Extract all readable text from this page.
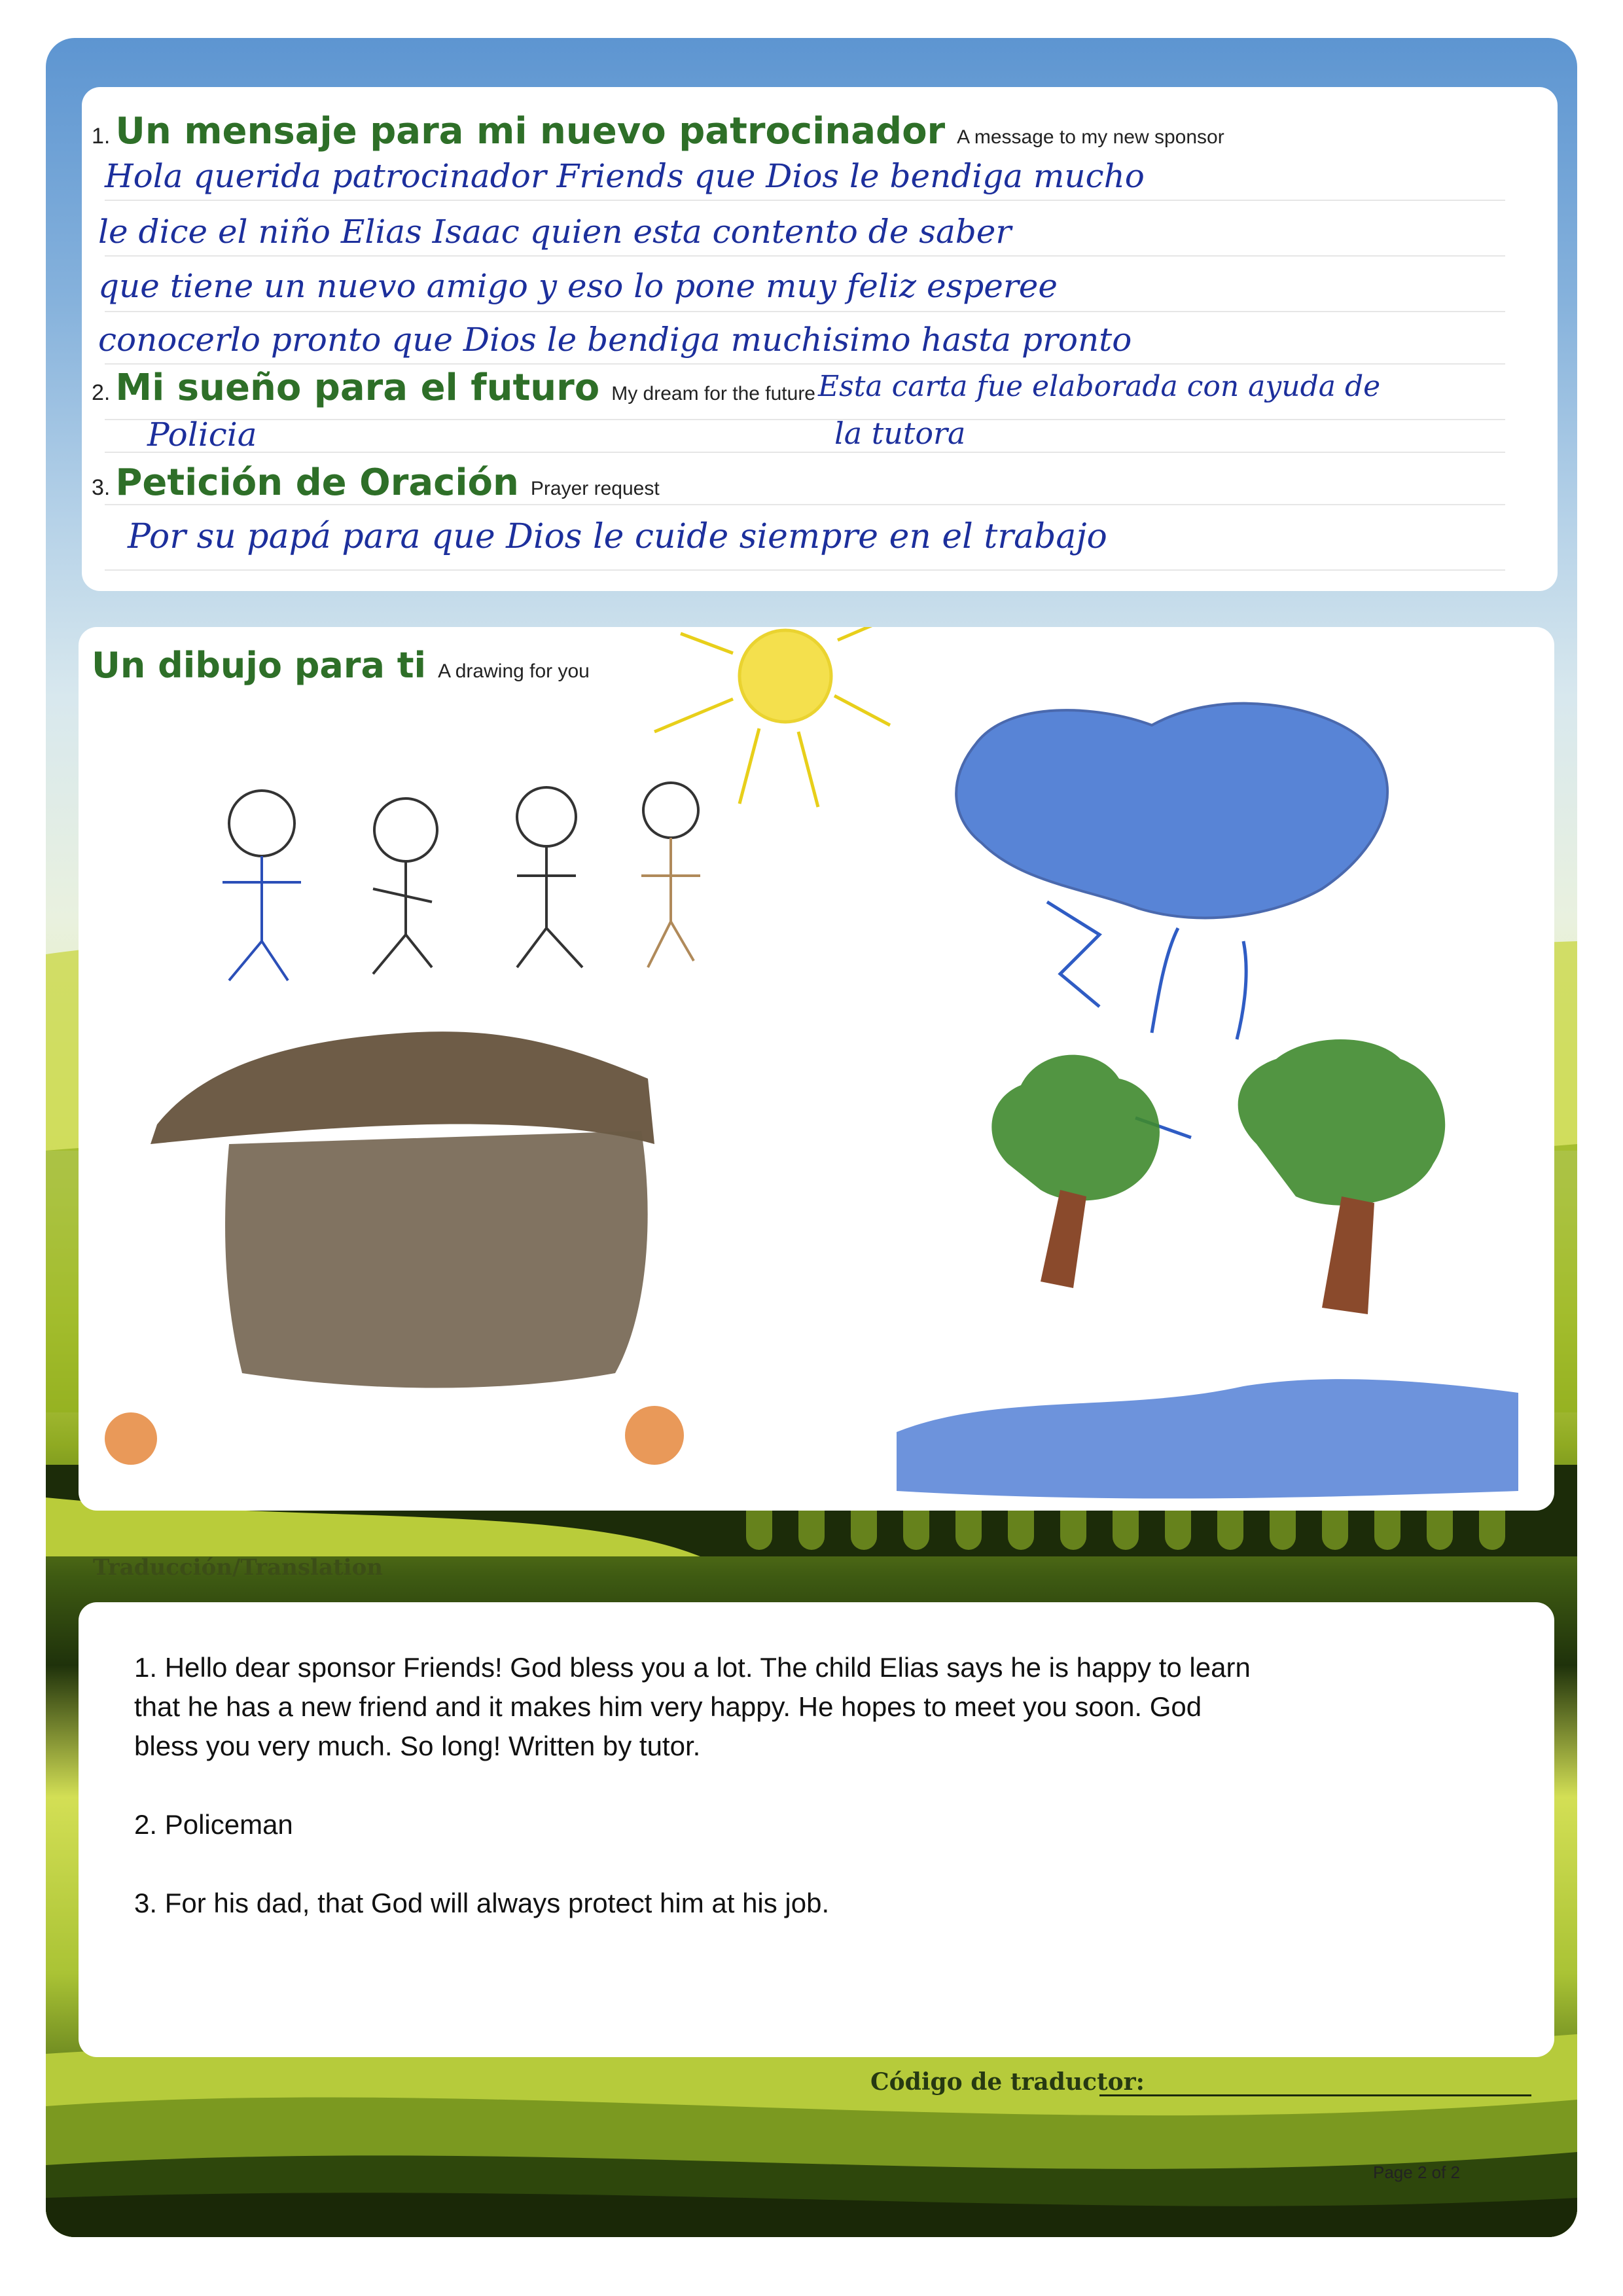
1. Un mensaje para mi nuevo patrocinador A message to my new sponsor
Hola querida patrocinador Friends que Dios le bendiga mucho
le dice el niño Elias Isaac quien esta contento de saber
que tiene un nuevo amigo y eso lo pone muy feliz esperee
conocerlo pronto que Dios le bendiga muchisimo hasta pronto
2. Mi sueño para el futuro My dream for the future Esta carta fue elaborada con ayuda de
Policia	la tutora
3. Petición de Oración Prayer request
Por su papá para que Dios le cuide siempre en el trabajo
Un dibujo para ti A drawing for you
Traducción/Translation
1. Hello dear sponsor Friends! God bless you a lot. The child Elias says he is happy to learn
that he has a new friend and it makes him very happy. He hopes to meet you soon. God
bless you very much. So long! Written by tutor.
2. Policeman
3. For his dad, that God will always protect him at his job.
Código de traductor:
Page 2 of 2
